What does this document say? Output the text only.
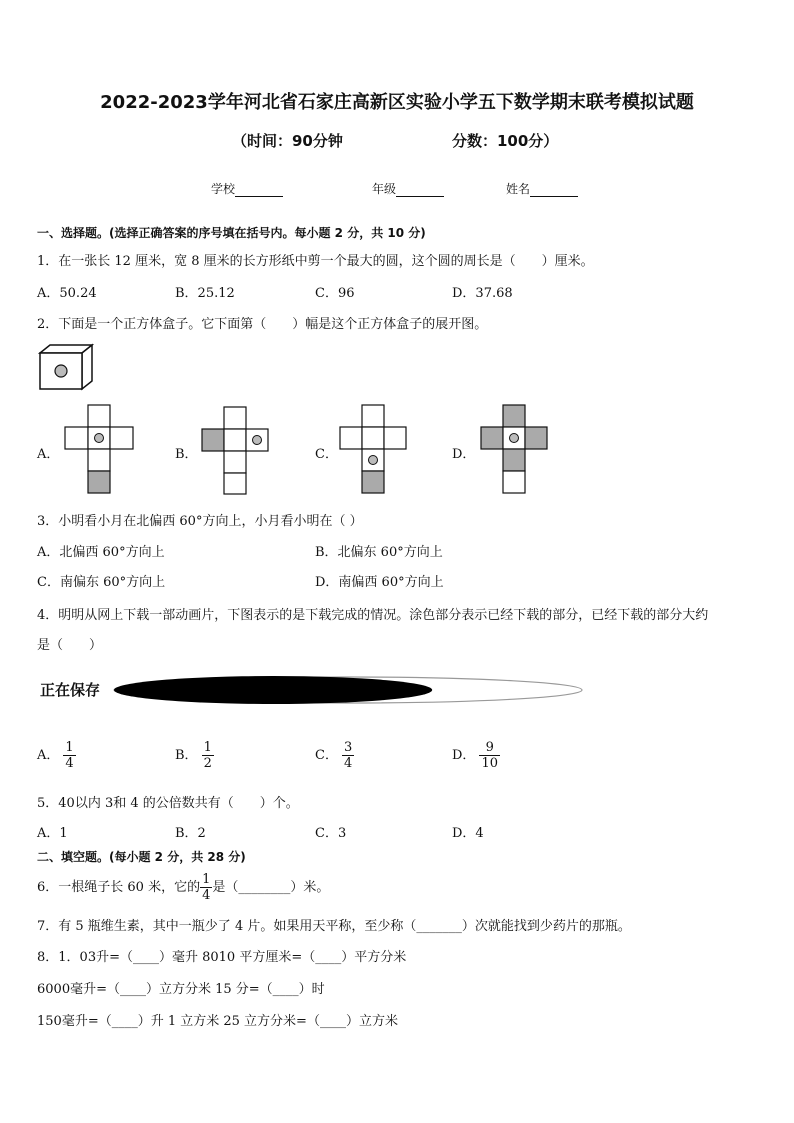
2022-2023学年河北省石家庄高新区实验小学五下数学期末联考模拟试题
（时间：90分钟	分数：100分）
学校	年级	姓名
一、选择题。(选择正确答案的序号填在括号内。每小题 2 分，共 10 分)
1．在一张长 12 厘米，宽 8 厘米的长方形纸中剪一个最大的圆，这个圆的周长是（　　）厘米。
A．50.24	B．25.12	C．96	D．37.68
2．下面是一个正方体盒子。它下面第（　　）幅是这个正方体盒子的展开图。
A．	B．	C．	D．
3．小明看小月在北偏西 60°方向上，小月看小明在（ ）
A．北偏西 60°方向上	B．北偏东 60°方向上
C．南偏东 60°方向上	D．南偏西 60°方向上
4．明明从网上下载一部动画片，下图表示的是下载完成的情况。涂色部分表示已经下载的部分，已经下载的部分大约
是（　　）
正在保存
A． $\frac{1}{4}$	B． $\frac{1}{2}$	C． $\frac{3}{4}$	D． $\frac{9}{10}$
5．40以内 3和 4 的公倍数共有（　　）个。
A．1	B．2	C．3	D．4
二、填空题。(每小题 2 分，共 28 分)
6．一根绳子长 60 米，它的 $\frac{1}{4}$ 是（________）米。
7．有 5 瓶维生素，其中一瓶少了 4 片。如果用天平称，至少称（_______）次就能找到少药片的那瓶。
8．1．03升=（____）毫升 8010 平方厘米=（____）平方分米
6000毫升=（____）立方分米 15 分=（____）时
150毫升=（____）升 1 立方米 25 立方分米=（____）立方米
